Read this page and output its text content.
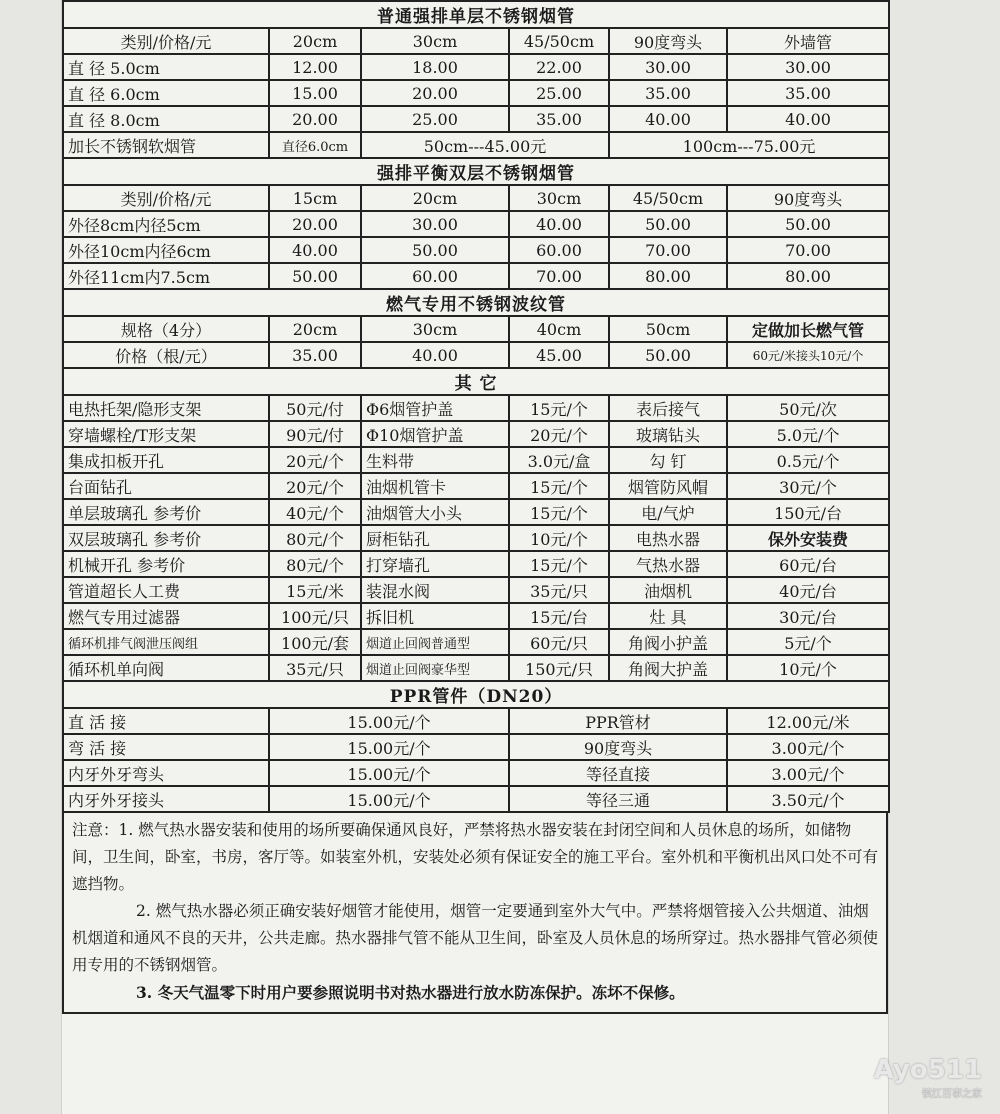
普通强排单层不锈钢烟管					
类别/价格/元	20cm	30cm	45/50cm	90度弯头	外墙管
直 径 5.0cm	12.00	18.00	22.00	30.00	30.00
直 径 6.0cm	15.00	20.00	25.00	35.00	35.00
直 径 8.0cm	20.00	25.00	35.00	40.00	40.00
加长不锈钢软烟管	直径6.0cm	50cm---45.00元		100cm---75.00元	
强排平衡双层不锈钢烟管					
类别/价格/元	15cm	20cm	30cm	45/50cm	90度弯头
外径8cm内径5cm	20.00	30.00	40.00	50.00	50.00
外径10cm内径6cm	40.00	50.00	60.00	70.00	70.00
外径11cm内7.5cm	50.00	60.00	70.00	80.00	80.00
燃气专用不锈钢波纹管					
规格（4分）	20cm	30cm	40cm	50cm	定做加长燃气管
价格（根/元）	35.00	40.00	45.00	50.00	60元/米接头10元/个
其 它					
电热托架/隐形支架	50元/付	Φ6烟管护盖	15元/个	表后接气	50元/次
穿墙螺栓/T形支架	90元/付	Φ10烟管护盖	20元/个	玻璃钻头	5.0元/个
集成扣板开孔	20元/个	生料带	3.0元/盒	勾 钉	0.5元/个
台面钻孔	20元/个	油烟机管卡	15元/个	烟管防风帽	30元/个
单层玻璃孔 参考价	40元/个	油烟管大小头	15元/个	电/气炉	150元/台
双层玻璃孔 参考价	80元/个	厨柜钻孔	10元/个	电热水器	保外安装费
机械开孔 参考价	80元/个	打穿墙孔	15元/个	气热水器	60元/台
管道超长人工费	15元/米	装混水阀	35元/只	油烟机	40元/台
燃气专用过滤器	100元/只	拆旧机	15元/台	灶 具	30元/台
循环机排气阀泄压阀组	100元/套	烟道止回阀普通型	60元/只	角阀小护盖	5元/个
循环机单向阀	35元/只	烟道止回阀豪华型	150元/只	角阀大护盖	10元/个
PPR管件（DN20）					
直 活 接	15.00元/个		PPR管材		12.00元/米
弯 活 接	15.00元/个		90度弯头		3.00元/个
内牙外牙弯头	15.00元/个		等径直接		3.00元/个
内牙外牙接头	15.00元/个		等径三通		3.50元/个

注意：1. 燃气热水器安装和使用的场所要确保通风良好，严禁将热水器安装在封闭空间和人员休息的场所，如储物间，卫生间，卧室，书房，客厅等。如装室外机，安装处必须有保证安全的施工平台。室外机和平衡机出风口处不可有遮挡物。

2. 燃气热水器必须正确安装好烟管才能使用，烟管一定要通到室外大气中。严禁将烟管接入公共烟道、油烟机烟道和通风不良的天井，公共走廊。热水器排气管不能从卫生间，卧室及人员休息的场所穿过。热水器排气管必须使用专用的不锈钢烟管。

3. 冬天气温零下时用户要参照说明书对热水器进行放水防冻保护。冻坏不保修。

Ayo511
镇江百事之家
